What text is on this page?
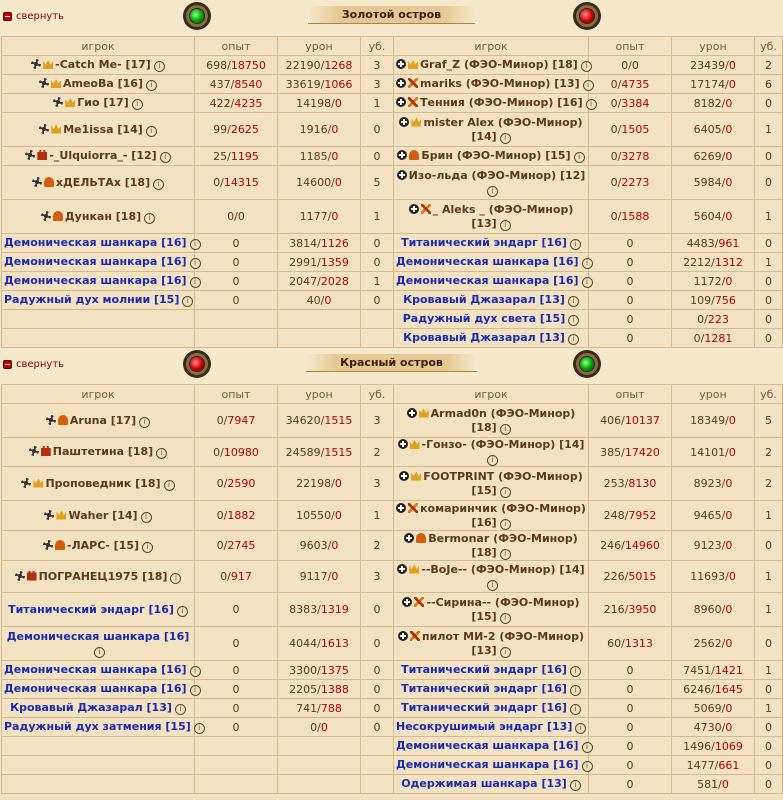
свернуть	Золотой остров
игрок	опыт	урон	уб.	игрок	опыт	урон	уб.
-Catch Me- [17] i	698/18750	22190/1268	3	Graf_Z (ФЭО-Минор) [18] i	0/0	23439/0	2
AmeoBa [16] i	437/8540	33619/1066	3	mariks (ФЭО-Минор) [13] i	0/4735	17174/0	6
Гио [17] i	422/4235	14198/0	1	Тенния (ФЭО-Минор) [16] i	0/3384	8182/0	0
Me1issa [14] i	99/2625	1916/0	0	mister Alex (ФЭО-Минор) [14] i	0/1505	6405/0	1
-_Ulquiorra_- [12] i	25/1195	1185/0	0	Брин (ФЭО-Минор) [15] i	0/3278	6269/0	0
хДЕЛЬТАх [18] i	0/14315	14600/0	5	Изо-льда (ФЭО-Минор) [12]i	0/2273	5984/0	0
Дункан [18] i	0/0	1177/0	1	_ Aleks _ (ФЭО-Минор) [13] i	0/1588	5604/0	1
Демоническая шанкара [16] i	0	3814/1126	0	Титанический эндарг [16] i	0	4483/961	0
Демоническая шанкара [16] i	0	2991/1359	0	Демоническая шанкара [16] i	0	2212/1312	1
Демоническая шанкара [16] i	0	2047/2028	1	Демоническая шанкара [16] i	0	1172/0	0
Радужный дух молнии [15] i	0	40/0	0	Кровавый Джазарал [13] i	0	109/756	0
				Радужный дух света [15] i	0	0/223	0
				Кровавый Джазарал [13] i	0	0/1281	0
свернуть	Красный остров
игрок	опыт	урон	уб.	игрок	опыт	урон	уб.
Aruna [17] i	0/7947	34620/1515	3	Armad0n (ФЭО-Минор) [18] i	406/10137	18349/0	5
Паштетина [18] i	0/10980	24589/1515	2	-Гонзо- (ФЭО-Минор) [14]i	385/17420	14101/0	2
Проповедник [18] i	0/2590	22198/0	3	FOOTPRINT (ФЭО-Минор) [15] i	253/8130	8923/0	2
Waher [14] i	0/1882	10550/0	1	комаринчик (ФЭО-Минор) [16] i	248/7952	9465/0	1
-ЛАРС- [15] i	0/2745	9603/0	2	Bermonar (ФЭО-Минор) [18] i	246/14960	9123/0	0
ПОГРАНЕЦ1975 [18] i	0/917	9117/0	3	--BoJe-- (ФЭО-Минор) [14]i	226/5015	11693/0	1
Титанический эндарг [16] i	0	8383/1319	0	--Сирина-- (ФЭО-Минор) [15] i	216/3950	8960/0	1
Демоническая шанкара [16]i	0	4044/1613	0	пилот МИ-2 (ФЭО-Минор) [13] i	60/1313	2562/0	0
Демоническая шанкара [16] i	0	3300/1375	0	Титанический эндарг [16] i	0	7451/1421	1
Демоническая шанкара [16] i	0	2205/1388	0	Титанический эндарг [16] i	0	6246/1645	0
Кровавый Джазарал [13] i	0	741/788	0	Титанический эндарг [16] i	0	5069/0	1
Радужный дух затмения [15] i	0	0/0	0	Несокрушимый эндарг [13] i	0	4730/0	0
				Демоническая шанкара [16] i	0	1496/1069	0
				Демоническая шанкара [16] i	0	1477/661	0
				Одержимая шанкара [13] i	0	581/0	0
